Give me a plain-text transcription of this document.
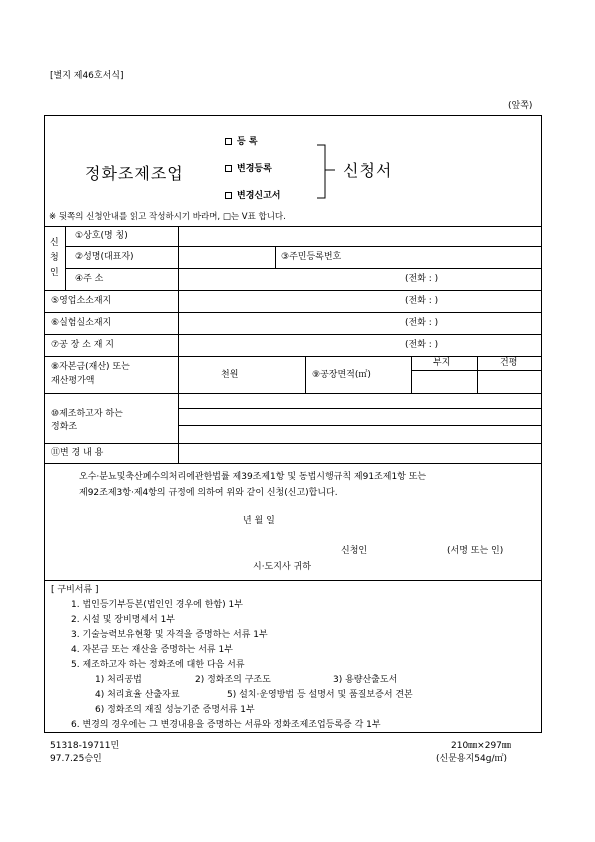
[별지 제46호서식]
(앞쪽)
정화조제조업
등 록
변경등록
변경신고서
신청서
※ 뒷쪽의 신청안내를 읽고 작성하시기 바라며, □는 V표 합니다.
신
청
인
①상호(명 칭)
②성명(대표자)	③주민등록번호
④주 소	(전화 : )
⑤영업소소재지	(전화 : )
⑥실험실소재지	(전화 : )
⑦공 장 소 재 지	(전화 : )
⑧자본금(재산) 또는
재산평가액
천원	⑨공장면적(㎡)
부지	건평
⑩제조하고자 하는
정화조
⑪변 경 내 용
오수·분뇨및축산폐수의처리에관한법률 제39조제1항 및 동법시행규칙 제91조제1항 또는
제92조제3항·제4항의 규정에 의하여 위와 같이 신청(신고)합니다.
년 월 일
신청인	(서명 또는 인)
시·도지사 귀하
[ 구비서류 ]
1. 법인등기부등본(법인인 경우에 한함) 1부
2. 시설 및 장비명세서 1부
3. 기술능력보유현황 및 자격을 증명하는 서류 1부
4. 자본금 또는 재산을 증명하는 서류 1부
5. 제조하고자 하는 정화조에 대한 다음 서류
1) 처리공법	2) 정화조의 구조도	3) 용량산출도서
4) 처리효율 산출자료	5) 설치·운영방법 등 설명서 및 품질보증서 견본
6) 정화조의 재질 성능기준 증명서류 1부
6. 변경의 경우에는 그 변경내용을 증명하는 서류와 정화조제조업등록증 각 1부
51318-19711민
97.7.25승인
210㎜×297㎜
(신문용지54g/㎡)
